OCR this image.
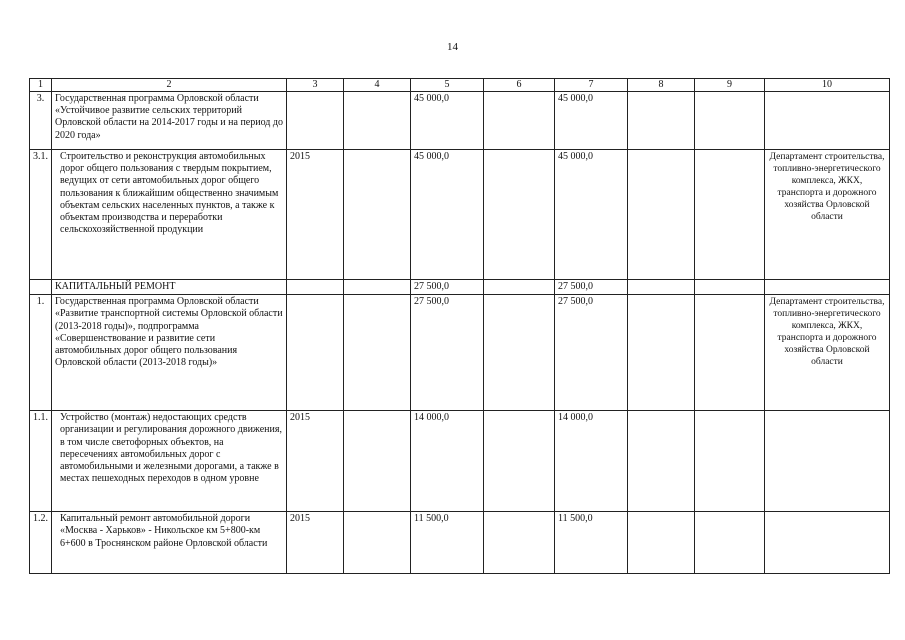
14
1	2	3	4	5	6	7	8	9	10
3.	Государственная программа Орловской области «Устойчивое развитие сельских территорий Орловской области на 2014-2017 годы и на период до 2020 года»			45 000,0		45 000,0			
3.1.	Строительство и реконструкция автомобильных дорог общего пользования с твердым покрытием, ведущих от сети автомобильных дорог общего пользования к ближайшим общественно значимым объектам сельских населенных пунктов, а также к объектам производства и переработки сельскохозяйственной продукции	2015		45 000,0		45 000,0			Департамент строительства, топливно-энергетического комплекса, ЖКХ, транспорта и дорожного хозяйства Орловской области
	КАПИТАЛЬНЫЙ РЕМОНТ			27 500,0		27 500,0			
1.	Государственная программа Орловской области «Развитие транспортной системы Орловской области (2013-2018 годы)», подпрограмма «Совершенствование и развитие сети автомобильных дорог общего пользования Орловской области (2013-2018 годы)»			27 500,0		27 500,0			Департамент строительства, топливно-энергетического комплекса, ЖКХ, транспорта и дорожного хозяйства Орловской области
1.1.	Устройство (монтаж) недостающих средств организации и регулирования дорожного движения, в том числе светофорных объектов, на пересечениях автомобильных дорог с автомобильными и железными дорогами, а также в местах пешеходных переходов в одном уровне	2015		14 000,0		14 000,0			
1.2.	Капитальный ремонт автомобильной дороги «Москва - Харьков» - Никольское км 5+800-км 6+600 в Троснянском районе Орловской области	2015		11 500,0		11 500,0			
